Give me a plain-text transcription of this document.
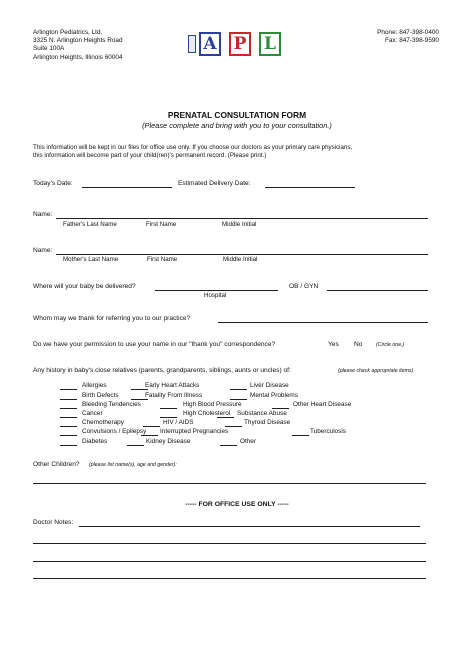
Arlington Pediatrics, Ltd.
3325 N. Arlington Heights Road
Suite 100A
Arlington Heights, Illinois 60004
A P L
Phone: 847-398-0400
Fax: 847-398-9590
PRENATAL CONSULTATION FORM
(Please complete and bring with you to your consultation.)
This information will be kept in our files for office use only. If you choose our doctors as your primary care physicians,
this information will become part of your child(ren)'s permanent record. (Please print.)
Today's Date:	Estimated Delivery Date:
Name:
Father's Last Name	First Name	Middle Initial
Name:
Mother's Last Name	First Name	Middle Initial
Where will your baby be delivered?
Hospital
OB / GYN
Whom may we thank for referring you to our practice?
Do we have your permission to use your name in our "thank you" correspondence?	Yes No	(Circle one.)
Any history in baby's close relatives (parents, grandparents, siblings, aunts or uncles) of:	(please check appropriate items)
Allergies	Early Heart Attacks	Liver Disease
Birth Defects	Fatality From Illness	Mental Problems
Bleeding Tendencies	High Blood Pressure	Other Heart Disease
Cancer	High Cholesterol Substance Abuse
Chemotherapy	HIV / AIDS	Thyroid Disease
Convulsions / Epilepsy Interrupted Pregnancies	Tuberculosis
Diabetes	Kidney Disease	Other
Other Children? (please list name(s), age and gender):
----- FOR OFFICE USE ONLY -----
Doctor Notes:
